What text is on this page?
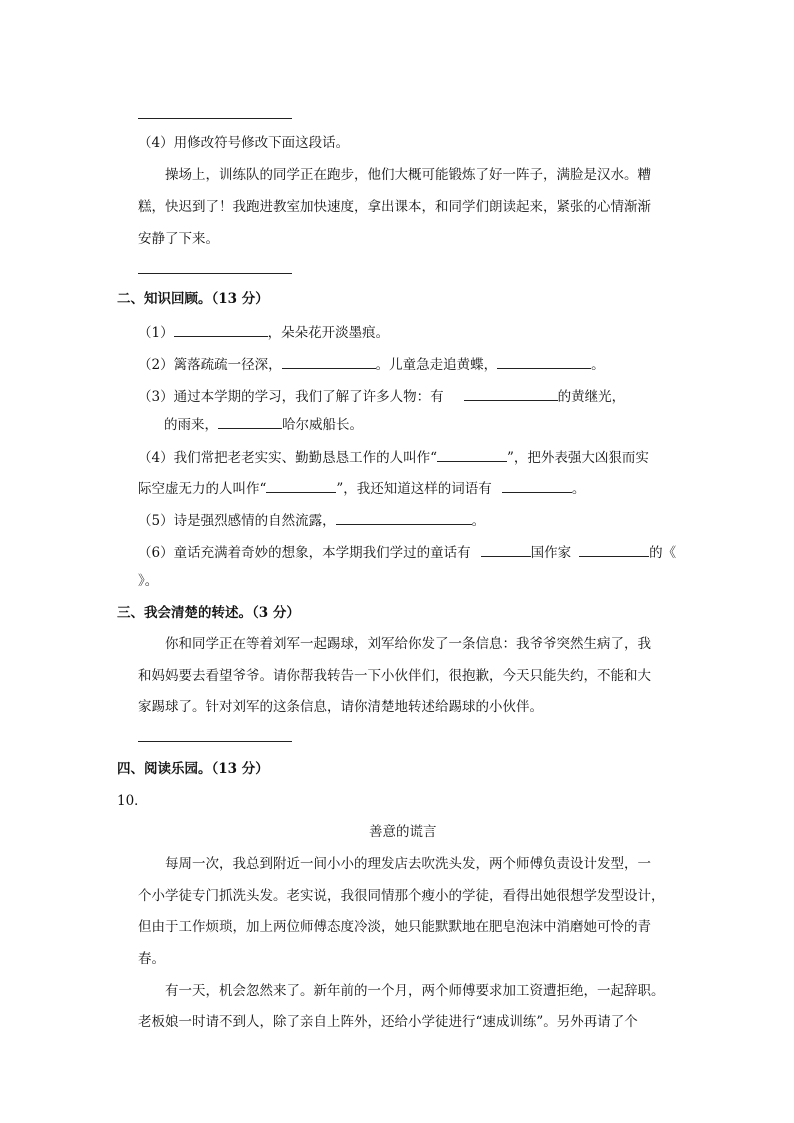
（4）用修改符号修改下面这段话。
操场上，训练队的同学正在跑步，他们大概可能锻炼了好一阵子，满脸是汉水。糟
糕，快迟到了！我跑进教室加快速度，拿出课本，和同学们朗读起来，紧张的心情渐渐
安静了下来。
二、知识回顾。（13 分）
（1）	，朵朵花开淡墨痕。
（2）篱落疏疏一径深，	。儿童急走追黄蝶，	。
（3）通过本学期的学习，我们了解了许多人物：有	的黄继光，
的雨来，	哈尔威船长。
（4）我们常把老老实实、勤勤恳恳工作的人叫作“	”，把外表强大凶狠而实
际空虚无力的人叫作“	”，我还知道这样的词语有	。
（5）诗是强烈感情的自然流露，	。
（6）童话充满着奇妙的想象，本学期我们学过的童话有	国作家	的《
》。
三、我会清楚的转述。（3 分）
你和同学正在等着刘军一起踢球，刘军给你发了一条信息：我爷爷突然生病了，我
和妈妈要去看望爷爷。请你帮我转告一下小伙伴们，很抱歉，今天只能失约，不能和大
家踢球了。针对刘军的这条信息，请你清楚地转述给踢球的小伙伴。
四、阅读乐园。（13 分）
10．
善意的谎言
每周一次，我总到附近一间小小的理发店去吹洗头发，两个师傅负责设计发型，一
个小学徒专门抓洗头发。老实说，我很同情那个瘦小的学徒，看得出她很想学发型设计，
但由于工作烦琐，加上两位师傅态度冷淡，她只能默默地在肥皂泡沫中消磨她可怜的青
春。
有一天，机会忽然来了。新年前的一个月，两个师傅要求加工资遭拒绝，一起辞职。
老板娘一时请不到人，除了亲自上阵外，还给小学徒进行“速成训练”。另外再请了个
